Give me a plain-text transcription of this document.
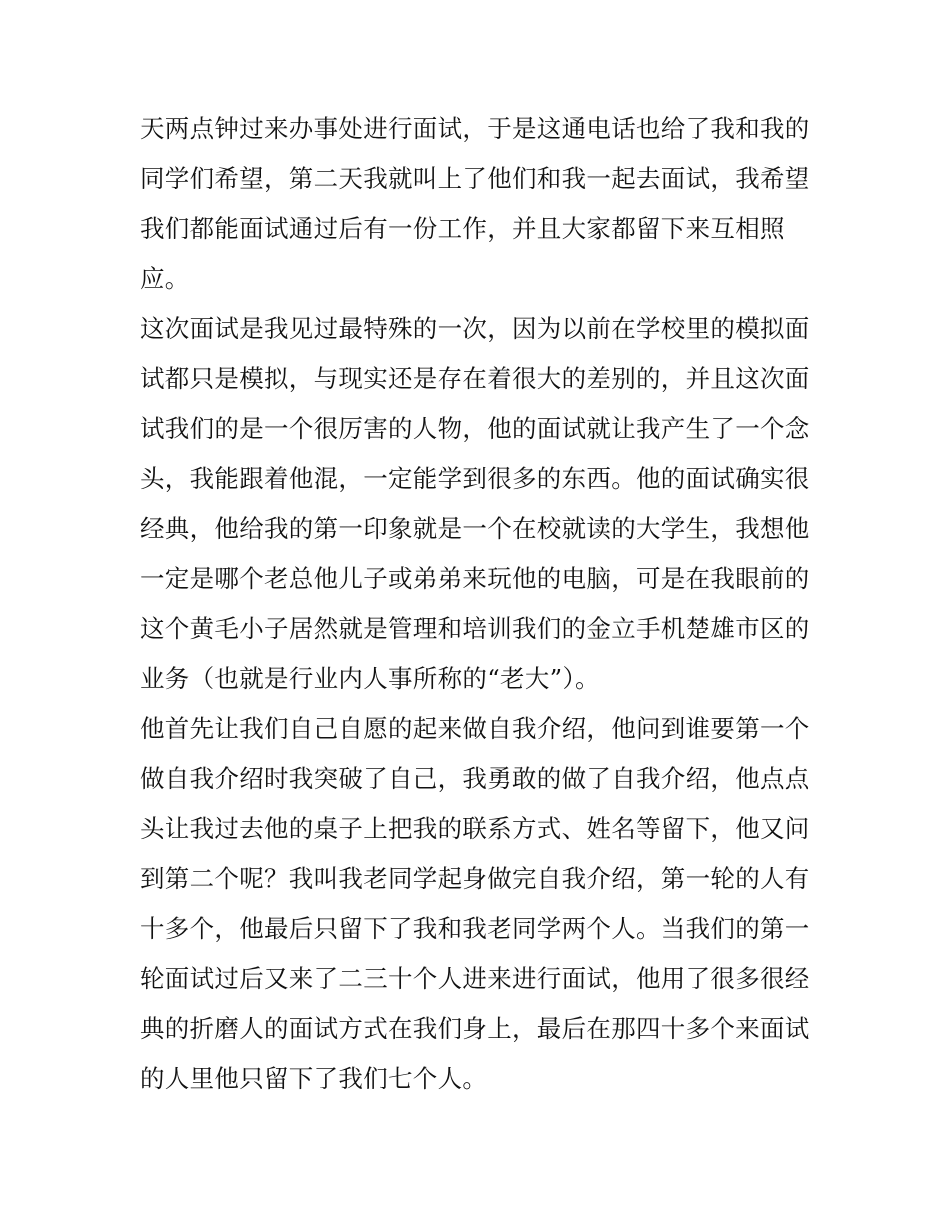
天两点钟过来办事处进行面试，于是这通电话也给了我和我的
同学们希望，第二天我就叫上了他们和我一起去面试，我希望
我们都能面试通过后有一份工作，并且大家都留下来互相照
应。
这次面试是我见过最特殊的一次，因为以前在学校里的模拟面
试都只是模拟，与现实还是存在着很大的差别的，并且这次面
试我们的是一个很厉害的人物，他的面试就让我产生了一个念
头，我能跟着他混，一定能学到很多的东西。他的面试确实很
经典，他给我的第一印象就是一个在校就读的大学生，我想他
一定是哪个老总他儿子或弟弟来玩他的电脑，可是在我眼前的
这个黄毛小子居然就是管理和培训我们的金立手机楚雄市区的
业务（也就是行业内人事所称的“老大”）。
他首先让我们自己自愿的起来做自我介绍，他问到谁要第一个
做自我介绍时我突破了自己，我勇敢的做了自我介绍，他点点
头让我过去他的桌子上把我的联系方式、姓名等留下，他又问
到第二个呢？我叫我老同学起身做完自我介绍，第一轮的人有
十多个，他最后只留下了我和我老同学两个人。当我们的第一
轮面试过后又来了二三十个人进来进行面试，他用了很多很经
典的折磨人的面试方式在我们身上，最后在那四十多个来面试
的人里他只留下了我们七个人。
